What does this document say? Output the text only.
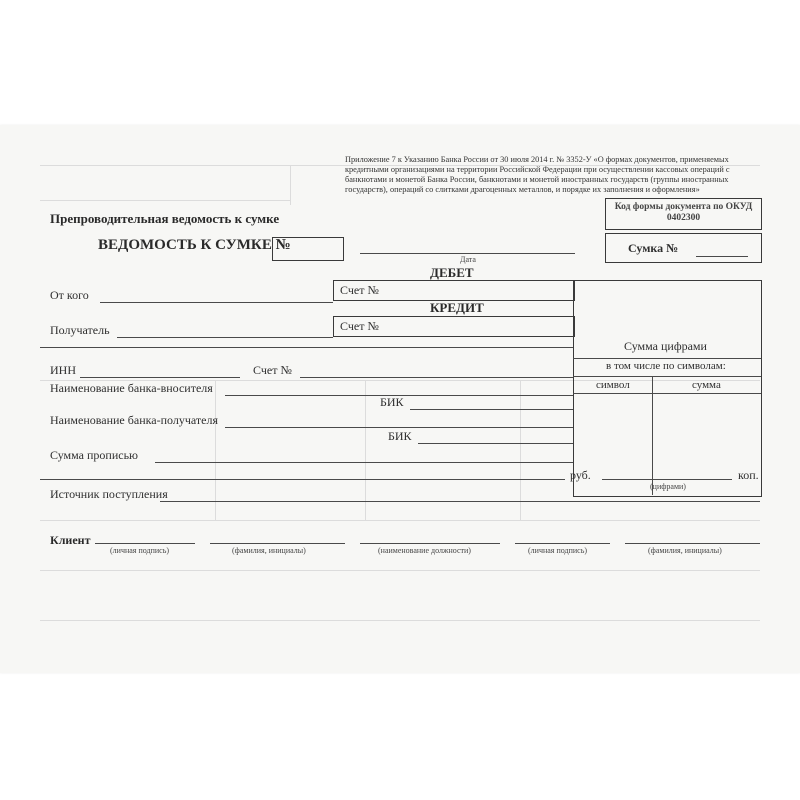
Приложение 7 к Указанию Банка России от 30 июля 2014 г. № 3352-У «О формах документов, применяемых кредитными организациями на территории Российской Федерации при осуществлении кассовых операций с банкнотами и монетой Банка России, банкнотами и монетой иностранных государств (группы иностранных государств), операций со слитками драгоценных металлов, и порядке их заполнения и оформления»
Код формы документа по ОКУД 0402300
Сумка №
Препроводительная ведомость к сумке
ВЕДОМОСТЬ К СУМКЕ №
Дата
ДЕБЕТ
Счет №
КРЕДИТ
Счет №
От кого
Получатель
Сумма цифрами
в том числе по символам:
символ	сумма
ИНН	Счет №
Наименование банка-вносителя
БИК
Наименование банка-получателя
БИК
Сумма прописью
руб.	коп.
(цифрами)
Источник поступления
Клиент
(личная подпись)	(фамилия, инициалы)	(наименование должности)	(личная подпись)	(фамилия, инициалы)
